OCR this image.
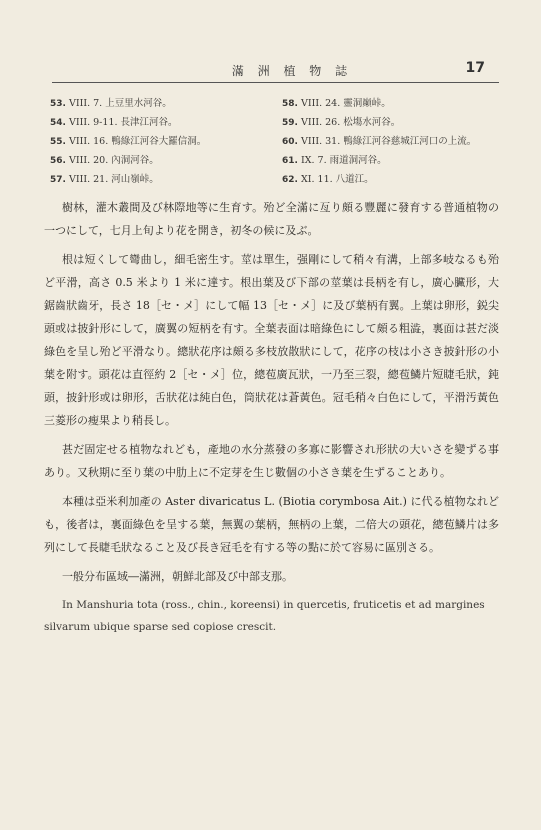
滿 洲 植 物 誌	17
53. VIII. 7. 上豆里水河谷。	58. VIII. 24. 靈洞巔峠。
54. VIII. 9-11. 長津江河谷。	59. VIII. 26. 松塲水河谷。
55. VIII. 16. 鴨綠江河谷大羅信洞。	60. VIII. 31. 鴨綠江河谷慈城江河口の上流。
56. VIII. 20. 內洞河谷。	61. IX. 7. 雨道洞河谷。
57. VIII. 21. 河山嶺峠。	62. XI. 11. 八道江。

樹林，灌木叢間及び林際地等に生育す。殆ど全滿に亙り頗る豐麗に發育する普通植物の一つにして，七月上旬より花を開き，初冬の候に及ぶ。

根は短くして彎曲し，細毛密生す。莖は單生，强剛にして稍々有溝，上部多岐なるも殆ど平滑，高さ 0.5 米より 1 米に達す。根出葉及び下部の莖葉は長柄を有し，廣心臟形，大鋸齒狀齒牙，長さ 18［セ・メ］にして幅 13［セ・メ］に及び葉柄有翼。上葉は卵形，鋭尖頭或は披針形にして，廣翼の短柄を有す。全葉表面は暗綠色にして頗る粗澁，裏面は甚だ淡綠色を呈し殆ど平滑なり。總狀花序は頗る多枝放散狀にして，花序の枝は小さき披針形の小葉を附す。頭花は直徑約 2［セ・メ］位，總苞廣瓦狀，一乃至三裂，總苞鱗片短睫毛狀，鈍頭，披針形或は卵形，舌狀花は純白色，筒狀花は蒼黃色。冠毛稍々白色にして，平滑汚黃色三菱形の瘦果より稍長し。

甚だ固定せる植物なれども，產地の水分蒸發の多寡に影響され形狀の大いさを變ずる事あり。又秋期に至り葉の中肋上に不定芽を生じ數個の小さき葉を生ずることあり。

本種は亞米利加產の Aster divaricatus L. (Biotia corymbosa Ait.) に代る植物なれども，後者は，裏面綠色を呈する葉，無翼の葉柄，無柄の上葉，二倍大の頭花，總苞鱗片は多列にして長睫毛狀なること及び長き冠毛を有する等の點に於て容易に區別さる。

一般分布區域―滿洲，朝鮮北部及び中部支那。

In Manshuria tota (ross., chin., koreensi) in quercetis, fruticetis et ad margines silvarum ubique sparse sed copiose crescit.
